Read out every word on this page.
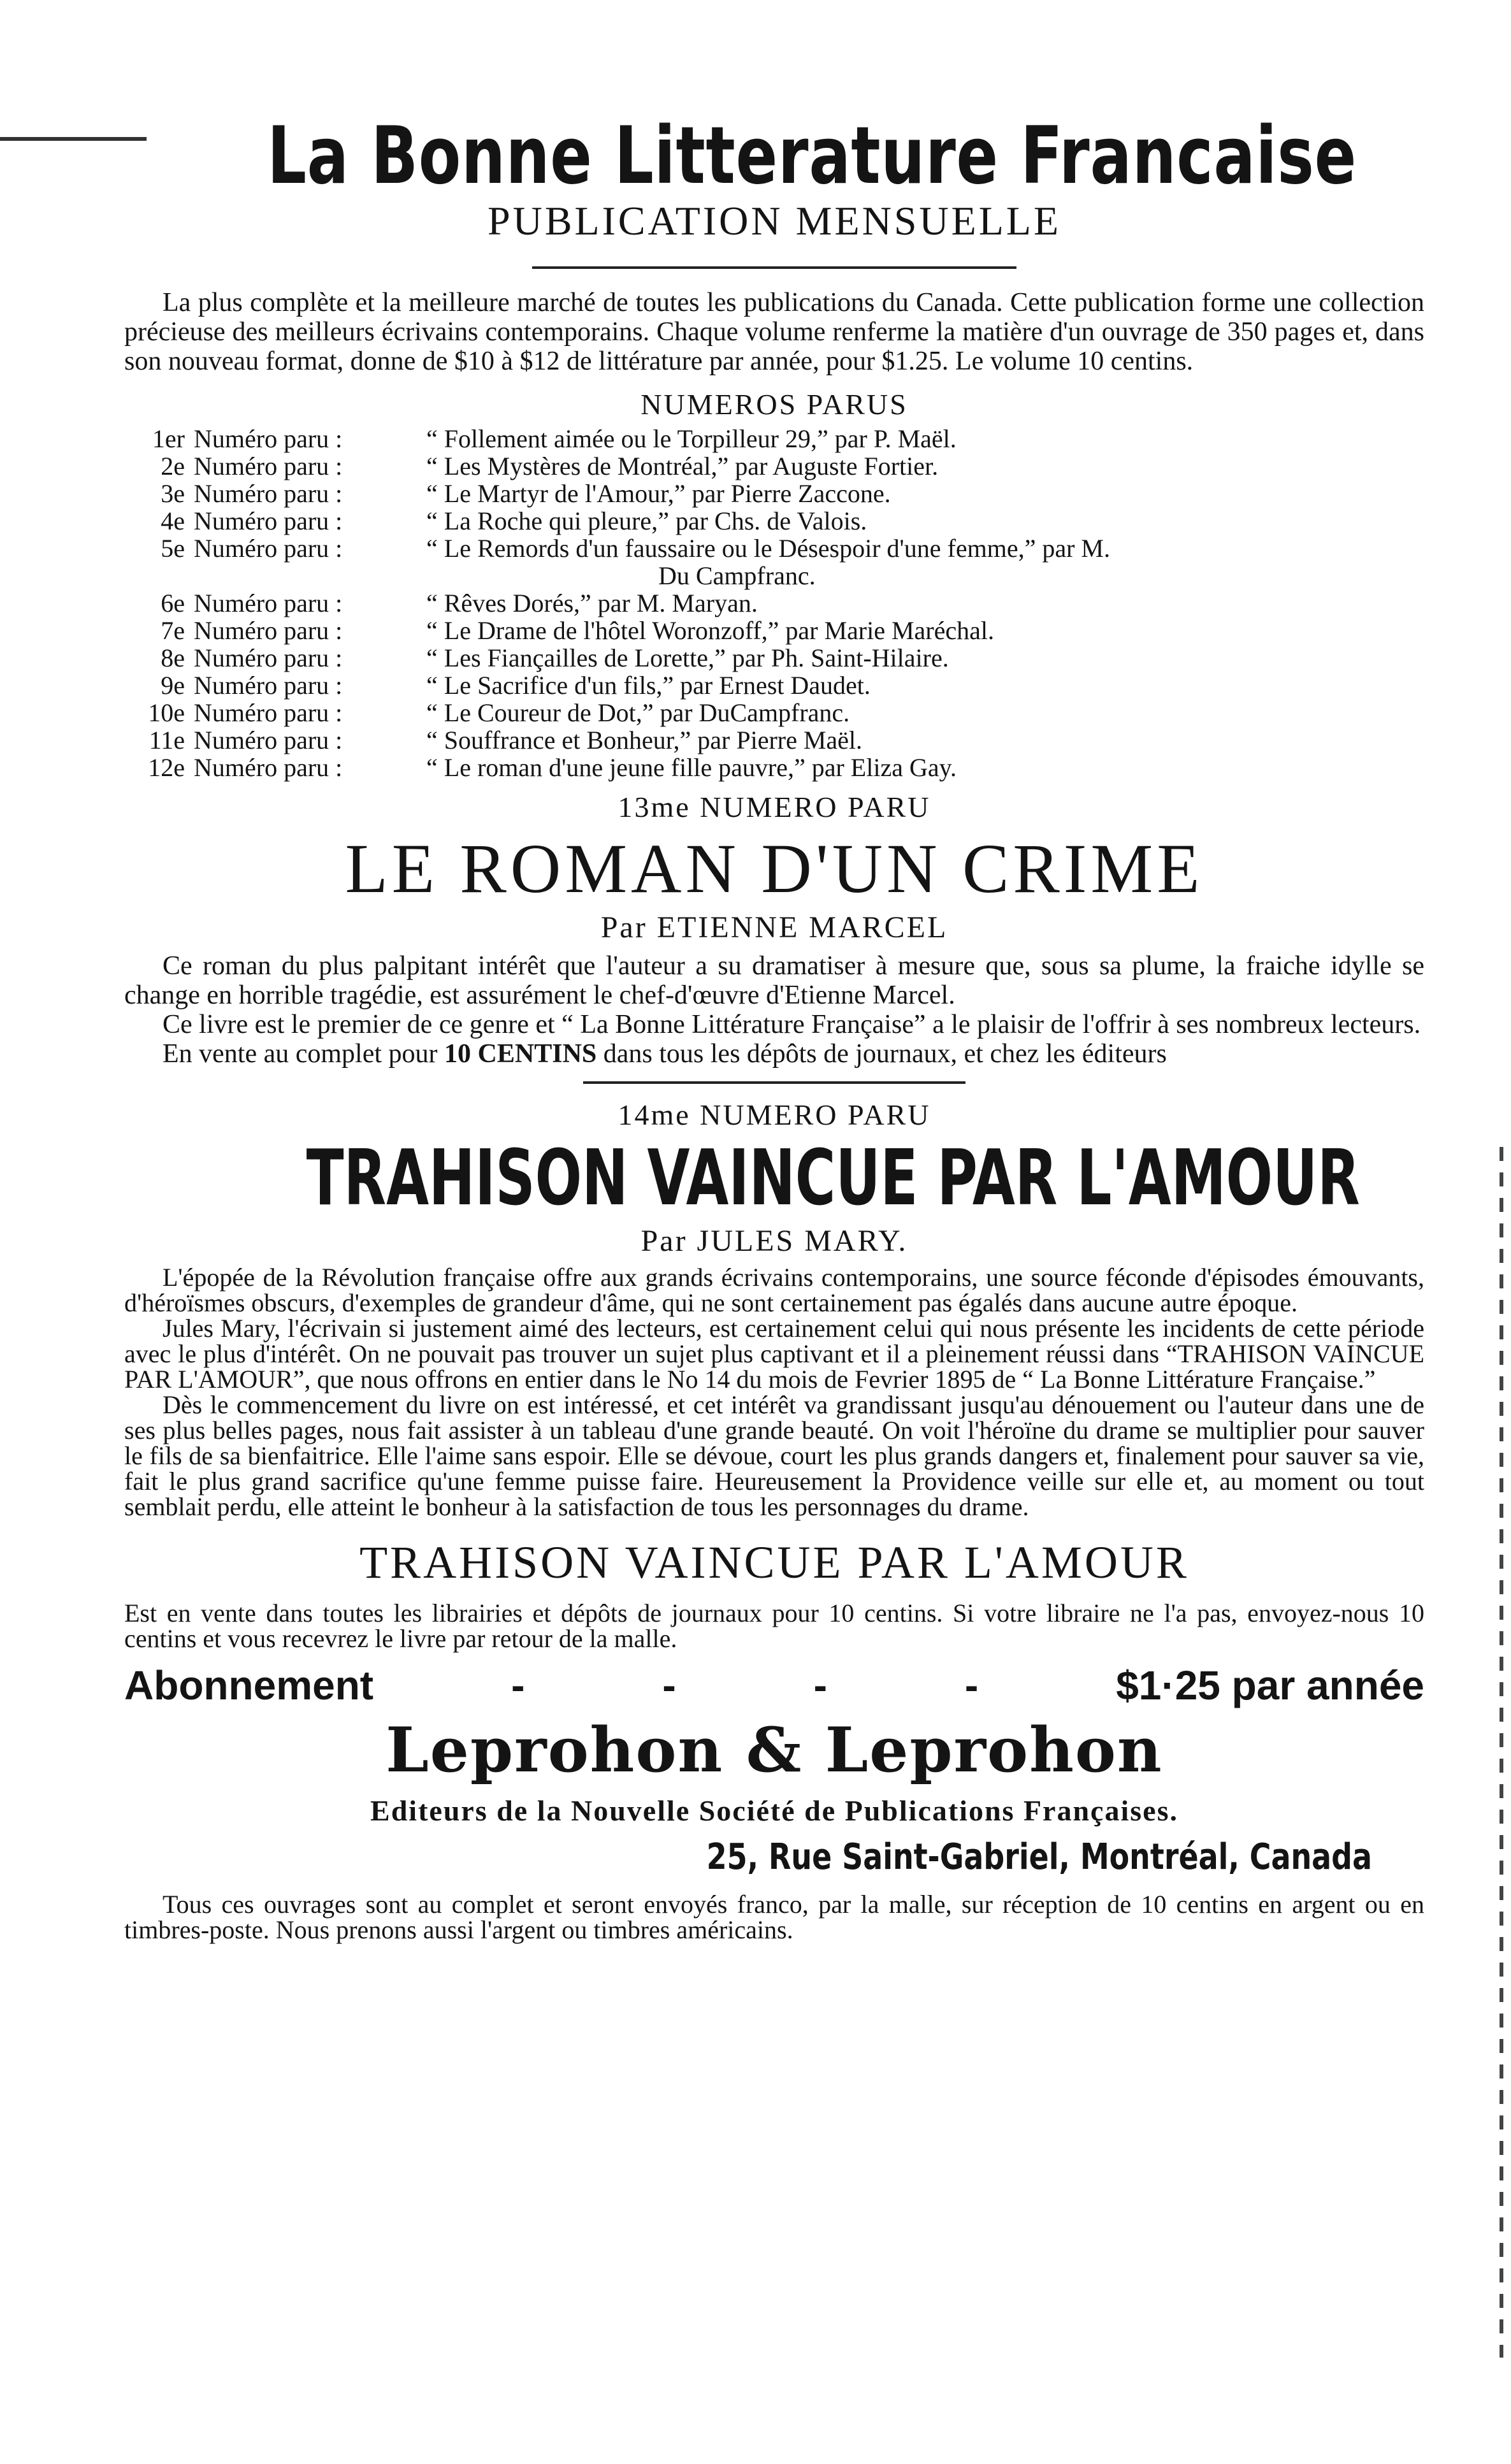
La Bonne Litterature Francaise
PUBLICATION MENSUELLE

La plus complète et la meilleure marché de toutes les publications du Canada. Cette publication forme une collection précieuse des meilleurs écrivains contemporains. Chaque volume renferme la matière d'un ouvrage de 350 pages et, dans son nouveau format, donne de $10 à $12 de littérature par année, pour $1.25. Le volume 10 centins.

NUMEROS PARUS
1er Numéro paru :	“ Follement aimée ou le Torpilleur 29,” par P. Maël.
2e Numéro paru :	“ Les Mystères de Montréal,” par Auguste Fortier.
3e Numéro paru :	“ Le Martyr de l'Amour,” par Pierre Zaccone.
4e Numéro paru :	“ La Roche qui pleure,” par Chs. de Valois.
5e Numéro paru :	“ Le Remords d'un faussaire ou le Désespoir d'une femme,” par M.
Du Campfranc.
6e Numéro paru :	“ Rêves Dorés,” par M. Maryan.
7e Numéro paru :	“ Le Drame de l'hôtel Woronzoff,” par Marie Maréchal.
8e Numéro paru :	“ Les Fiançailles de Lorette,” par Ph. Saint-Hilaire.
9e Numéro paru :	“ Le Sacrifice d'un fils,” par Ernest Daudet.
10e Numéro paru :	“ Le Coureur de Dot,” par DuCampfranc.
11e Numéro paru :	“ Souffrance et Bonheur,” par Pierre Maël.
12e Numéro paru :	“ Le roman d'une jeune fille pauvre,” par Eliza Gay.
13me NUMERO PARU
LE ROMAN D'UN CRIME
Par ETIENNE MARCEL

Ce roman du plus palpitant intérêt que l'auteur a su dramatiser à mesure que, sous sa plume, la fraiche idylle se change en horrible tragédie, est assurément le chef-d'œuvre d'Etienne Marcel.

Ce livre est le premier de ce genre et “ La Bonne Littérature Française” a le plaisir de l'offrir à ses nombreux lecteurs.

En vente au complet pour 10 CENTINS dans tous les dépôts de journaux, et chez les éditeurs

14me NUMERO PARU
TRAHISON VAINCUE PAR L'AMOUR
Par JULES MARY.

L'épopée de la Révolution française offre aux grands écrivains contemporains, une source féconde d'épisodes émouvants, d'héroïsmes obscurs, d'exemples de grandeur d'âme, qui ne sont certainement pas égalés dans aucune autre époque.

Jules Mary, l'écrivain si justement aimé des lecteurs, est certainement celui qui nous présente les incidents de cette période avec le plus d'intérêt. On ne pouvait pas trouver un sujet plus captivant et il a pleinement réussi dans “TRAHISON VAINCUE PAR L'AMOUR”, que nous offrons en entier dans le No 14 du mois de Fevrier 1895 de “ La Bonne Littérature Française.”

Dès le commencement du livre on est intéressé, et cet intérêt va grandissant jusqu'au dénouement ou l'auteur dans une de ses plus belles pages, nous fait assister à un tableau d'une grande beauté. On voit l'héroïne du drame se multiplier pour sauver le fils de sa bienfaitrice. Elle l'aime sans espoir. Elle se dévoue, court les plus grands dangers et, finalement pour sauver sa vie, fait le plus grand sacrifice qu'une femme puisse faire. Heureusement la Providence veille sur elle et, au moment ou tout semblait perdu, elle atteint le bonheur à la satisfaction de tous les personnages du drame.

TRAHISON VAINCUE PAR L'AMOUR

Est en vente dans toutes les librairies et dépôts de journaux pour 10 centins. Si votre libraire ne l'a pas, envoyez-nous 10 centins et vous recevrez le livre par retour de la malle.

Abonnement	-	-	-	-	$1·25 par année
Leprohon & Leprohon
Editeurs de la Nouvelle Société de Publications Françaises.
25, Rue Saint-Gabriel, Montréal, Canada

Tous ces ouvrages sont au complet et seront envoyés franco, par la malle, sur réception de 10 centins en argent ou en timbres-poste. Nous prenons aussi l'argent ou timbres américains.
